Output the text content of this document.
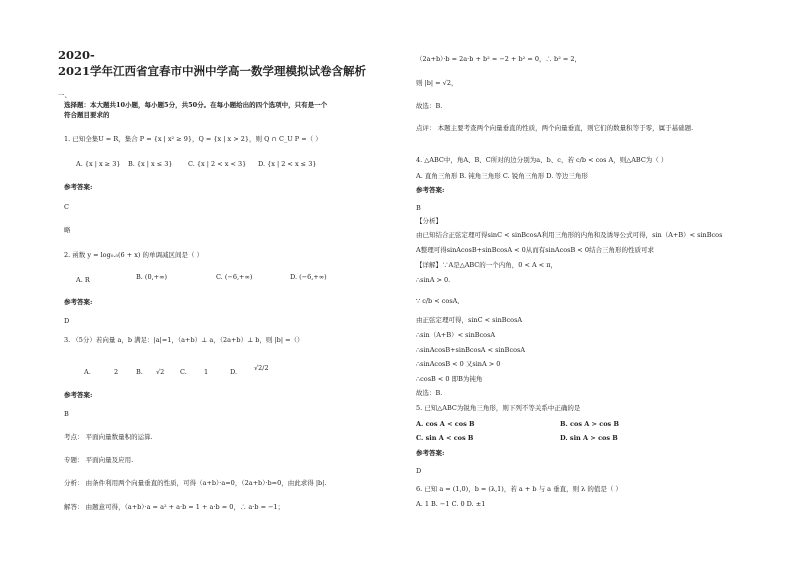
2020-
2021学年江西省宜春市中洲中学高一数学理模拟试卷含解析
一、
选择题：本大题共10小题，每小题5分，共50分。在每小题给出的四个选项中，只有是一个
符合题目要求的
1. 已知全集U = R，集合 P = {x | x² ≥ 9}，Q = {x | x > 2}，则 Q ∩ C_U P =（ ）
A. {x | x ≥ 3} B. {x | x ≤ 3} C. {x | 2 < x < 3} D. {x | 2 < x ≤ 3}
参考答案:
C
略
2. 函数 y = log₀.₅(6 + x) 的单调减区间是（ ）
A. R	B. (0,+∞)	C. (−6,+∞)	D. (−6,+∞)
参考答案:
D
3. （5分）若向量 a，b 满足：|a|=1，（a+b）⊥ a，（2a+b）⊥ b，则 |b| =（）
A.	2	B. √2 C.	1	D.	√2/2
参考答案:
B
考点： 平面向量数量积的运算.
专题： 平面向量及应用.
分析： 由条件利用两个向量垂直的性质，可得（a+b）·a=0，（2a+b）·b=0，由此求得 |b|.
解答： 由题意可得，（a+b）·a = a² + a·b = 1 + a·b = 0，∴ a·b = −1；
（2a+b）·b = 2a·b + b² = −2 + b² = 0，∴ b² = 2，
则 |b| = √2，
故选：B.
点评： 本题主要考查两个向量垂直的性质，两个向量垂直，则它们的数量积等于零，属于基础题.
4. △ABC中，角A、B、C所对的边分别为a、b、c，若 c/b < cos A，则△ABC为（ ）
A. 直角三角形 B. 钝角三角形 C. 锐角三角形 D. 等边三角形
参考答案:
B
【分析】
由已知结合正弦定理可得sinC < sinBcosA利用三角形的内角和及诱导公式可得，sin（A+B）< sinBcos
A整理可得sinAcosB+sinBcosA < 0从而有sinAcosB < 0结合三角形的性质可求
【详解】∵A是△ABC的一个内角，0 < A < π，
∴sinA > 0.
∵ c/b < cosA,
由正弦定理可得，sinC < sinBcosA
∴sin（A+B）< sinBcosA
∴sinAcosB+sinBcosA < sinBcosA
∴sinAcosB < 0 又sinA > 0
∴cosB < 0 即B为钝角
故选：B.
5. 已知△ABC为锐角三角形，则下列不等关系中正确的是
A. cos A < cos B	B. cos A > cos B
C. sin A < cos B	D. sin A > cos B
参考答案:
D
6. 已知 a = (1,0)，b = (λ,1)，若 a + b 与 a 垂直，则 λ 的值是（ ）
A. 1 B. −1 C. 0 D. ±1
